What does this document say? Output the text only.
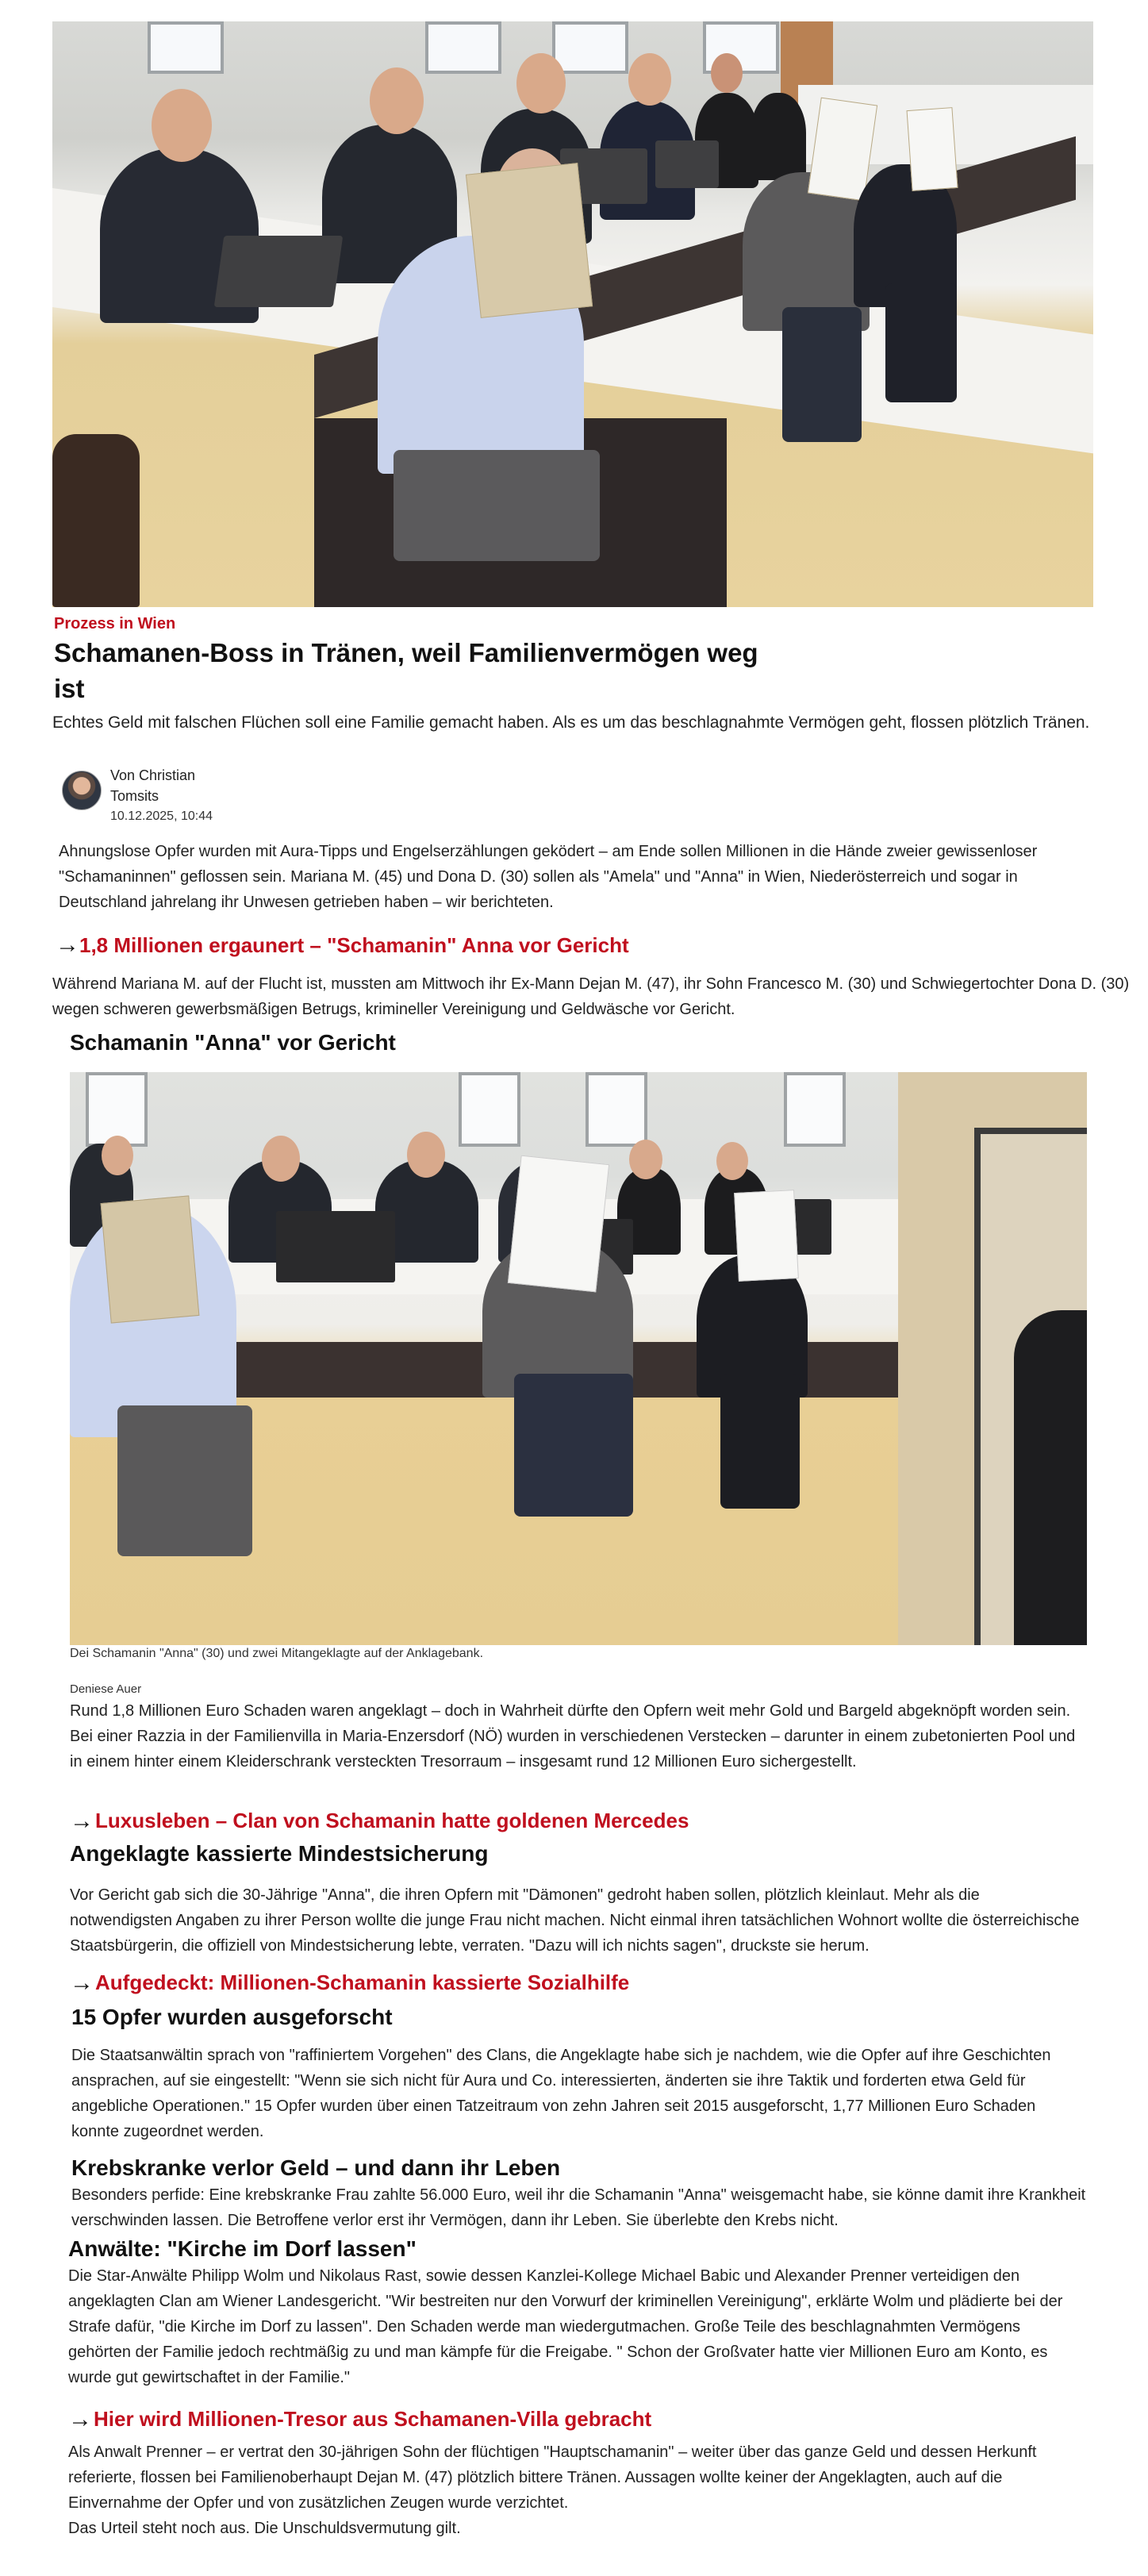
Prozess in Wien
Schamanen-Boss in Tränen, weil Familienvermögen weg ist
Echtes Geld mit falschen Flüchen soll eine Familie gemacht haben. Als es um das beschlagnahmte Vermögen geht, flossen plötzlich Tränen.
Von Christian
Tomsits
10.12.2025, 10:44
Ahnungslose Opfer wurden mit Aura-Tipps und Engelserzählungen geködert – am Ende sollen Millionen in die Hände zweier gewissenloser "Schamaninnen" geflossen sein. Mariana M. (45) und Dona D. (30) sollen als "Amela" und "Anna" in Wien, Niederösterreich und sogar in Deutschland jahrelang ihr Unwesen getrieben haben – wir berichteten.
→ 1,8 Millionen ergaunert – "Schamanin" Anna vor Gericht
Während Mariana M. auf der Flucht ist, mussten am Mittwoch ihr Ex-Mann Dejan M. (47), ihr Sohn Francesco M. (30) und Schwiegertochter Dona D. (30) wegen schweren gewerbsmäßigen Betrugs, krimineller Vereinigung und Geldwäsche vor Gericht.
Schamanin "Anna" vor Gericht
Dei Schamanin "Anna" (30) und zwei Mitangeklagte auf der Anklagebank.
Deniese Auer
Rund 1,8 Millionen Euro Schaden waren angeklagt – doch in Wahrheit dürfte den Opfern weit mehr Gold und Bargeld abgeknöpft worden sein. Bei einer Razzia in der Familienvilla in Maria-Enzersdorf (NÖ) wurden in verschiedenen Verstecken – darunter in einem zubetonierten Pool und in einem hinter einem Kleiderschrank versteckten Tresorraum – insgesamt rund 12 Millionen Euro sichergestellt.
→ Luxusleben – Clan von Schamanin hatte goldenen Mercedes
Angeklagte kassierte Mindestsicherung
Vor Gericht gab sich die 30-Jährige "Anna", die ihren Opfern mit "Dämonen" gedroht haben sollen, plötzlich kleinlaut. Mehr als die notwendigsten Angaben zu ihrer Person wollte die junge Frau nicht machen. Nicht einmal ihren tatsächlichen Wohnort wollte die österreichische Staatsbürgerin, die offiziell von Mindestsicherung lebte, verraten. "Dazu will ich nichts sagen", druckste sie herum.
→ Aufgedeckt: Millionen-Schamanin kassierte Sozialhilfe
15 Opfer wurden ausgeforscht
Die Staatsanwältin sprach von "raffiniertem Vorgehen" des Clans, die Angeklagte habe sich je nachdem, wie die Opfer auf ihre Geschichten ansprachen, auf sie eingestellt: "Wenn sie sich nicht für Aura und Co. interessierten, änderten sie ihre Taktik und forderten etwa Geld für angebliche Operationen." 15 Opfer wurden über einen Tatzeitraum von zehn Jahren seit 2015 ausgeforscht, 1,77 Millionen Euro Schaden konnte zugeordnet werden.
Krebskranke verlor Geld – und dann ihr Leben
Besonders perfide: Eine krebskranke Frau zahlte 56.000 Euro, weil ihr die Schamanin "Anna" weisgemacht habe, sie könne damit ihre Krankheit verschwinden lassen. Die Betroffene verlor erst ihr Vermögen, dann ihr Leben. Sie überlebte den Krebs nicht.
Anwälte: "Kirche im Dorf lassen"
Die Star-Anwälte Philipp Wolm und Nikolaus Rast, sowie dessen Kanzlei-Kollege Michael Babic und Alexander Prenner verteidigen den angeklagten Clan am Wiener Landesgericht. "Wir bestreiten nur den Vorwurf der kriminellen Vereinigung", erklärte Wolm und plädierte bei der Strafe dafür, "die Kirche im Dorf zu lassen". Den Schaden werde man wiedergutmachen. Große Teile des beschlagnahmten Vermögens gehörten der Familie jedoch rechtmäßig zu und man kämpfe für die Freigabe. " Schon der Großvater hatte vier Millionen Euro am Konto, es wurde gut gewirtschaftet in der Familie."
→ Hier wird Millionen-Tresor aus Schamanen-Villa gebracht
Als Anwalt Prenner – er vertrat den 30-jährigen Sohn der flüchtigen "Hauptschamanin" – weiter über das ganze Geld und dessen Herkunft referierte, flossen bei Familienoberhaupt Dejan M. (47) plötzlich bittere Tränen. Aussagen wollte keiner der Angeklagten, auch auf die Einvernahme der Opfer und von zusätzlichen Zeugen wurde verzichtet.
Das Urteil steht noch aus. Die Unschuldsvermutung gilt.
